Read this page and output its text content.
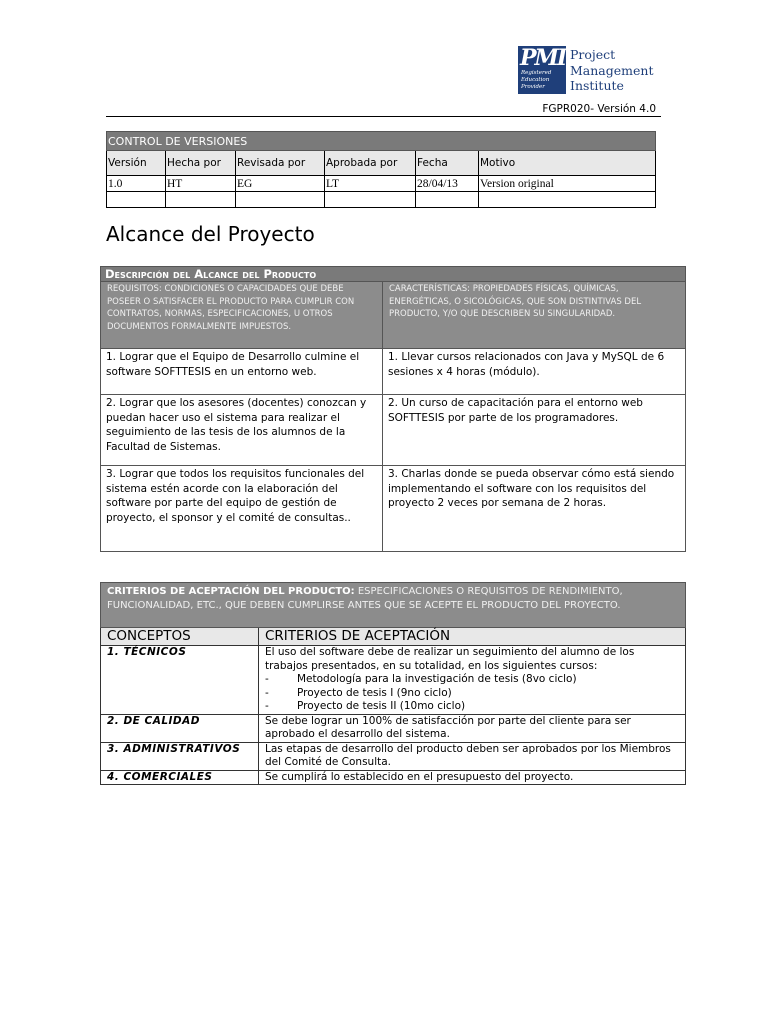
PMI
Registered
Education
Provider
Project
Management
Institute
FGPR020- Versión 4.0
CONTROL DE VERSIONES					
Versión	Hecha por	Revisada por	Aprobada por	Fecha	Motivo
1.0	HT	EG	LT	28/04/13	Version original

Alcance del Proyecto
Descripción del Alcance del Producto	
REQUISITOS: CONDICIONES O CAPACIDADES QUE DEBE POSEER O SATISFACER EL PRODUCTO PARA CUMPLIR CON CONTRATOS, NORMAS, ESPECIFICACIONES, U OTROS DOCUMENTOS FORMALMENTE IMPUESTOS.	CARACTERÍSTICAS: PROPIEDADES FÍSICAS, QUÍMICAS, ENERGÉTICAS, O SICOLÓGICAS, QUE SON DISTINTIVAS DEL PRODUCTO, Y/O QUE DESCRIBEN SU SINGULARIDAD.
1. Lograr que el Equipo de Desarrollo culmine el software SOFTTESIS en un entorno web.	1. Llevar cursos relacionados con Java y MySQL de 6 sesiones x 4 horas (módulo).
2. Lograr que los asesores (docentes) conozcan y puedan hacer uso el sistema para realizar el seguimiento de las tesis de los alumnos de la Facultad de Sistemas.	2. Un curso de capacitación para el entorno web SOFTTESIS por parte de los programadores.
3. Lograr que todos los requisitos funcionales del sistema estén acorde con la elaboración del software por parte del equipo de gestión de proyecto, el sponsor y el comité de consultas..	3. Charlas donde se pueda observar cómo está siendo implementando el software con los requisitos del proyecto 2 veces por semana de 2 horas.
CRITERIOS DE ACEPTACIÓN DEL PRODUCTO: ESPECIFICACIONES O REQUISITOS DE RENDIMIENTO, FUNCIONALIDAD, ETC., QUE DEBEN CUMPLIRSE ANTES QUE SE ACEPTE EL PRODUCTO DEL PROYECTO.	
CONCEPTOS	CRITERIOS DE ACEPTACIÓN
1. TÉCNICOS	El uso del software debe de realizar un seguimiento del alumno de los trabajos presentados, en su totalidad, en los siguientes cursos:
- Metodología para la investigación de tesis (8vo ciclo)
- Proyecto de tesis I (9no ciclo)
- Proyecto de tesis II (10mo ciclo)

2. DE CALIDAD	Se debe lograr un 100% de satisfacción por parte del cliente para ser aprobado el desarrollo del sistema.
3. ADMINISTRATIVOS	Las etapas de desarrollo del producto deben ser aprobados por los Miembros del Comité de Consulta.
4. COMERCIALES	Se cumplirá lo establecido en el presupuesto del proyecto.
